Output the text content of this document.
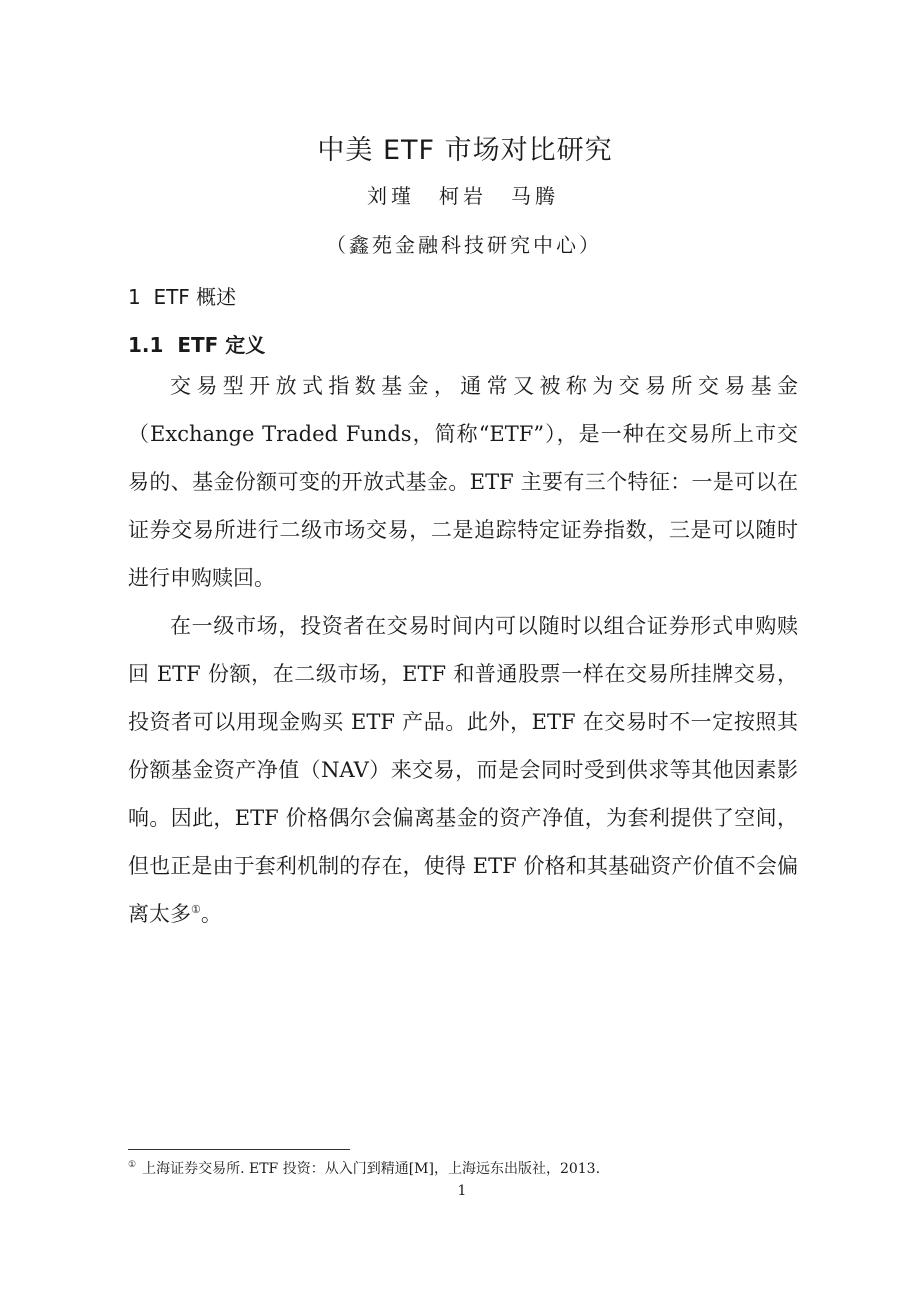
中美 ETF 市场对比研究

刘瑾　柯岩　马腾

（鑫苑金融科技研究中心）

1  ETF 概述
1.1  ETF 定义

交易型开放式指数基金，通常又被称为交易所交易基金（Exchange Traded Funds，简称“ETF”），是一种在交易所上市交易的、基金份额可变的开放式基金。ETF 主要有三个特征：一是可以在证券交易所进行二级市场交易，二是追踪特定证券指数，三是可以随时进行申购赎回。

在一级市场，投资者在交易时间内可以随时以组合证券形式申购赎回 ETF 份额，在二级市场，ETF 和普通股票一样在交易所挂牌交易，投资者可以用现金购买 ETF 产品。此外，ETF 在交易时不一定按照其份额基金资产净值（NAV）来交易，而是会同时受到供求等其他因素影响。因此，ETF 价格偶尔会偏离基金的资产净值，为套利提供了空间，但也正是由于套利机制的存在，使得 ETF 价格和其基础资产价值不会偏离太多①。

① 上海证券交易所. ETF 投资：从入门到精通[M]，上海远东出版社，2013.

1
